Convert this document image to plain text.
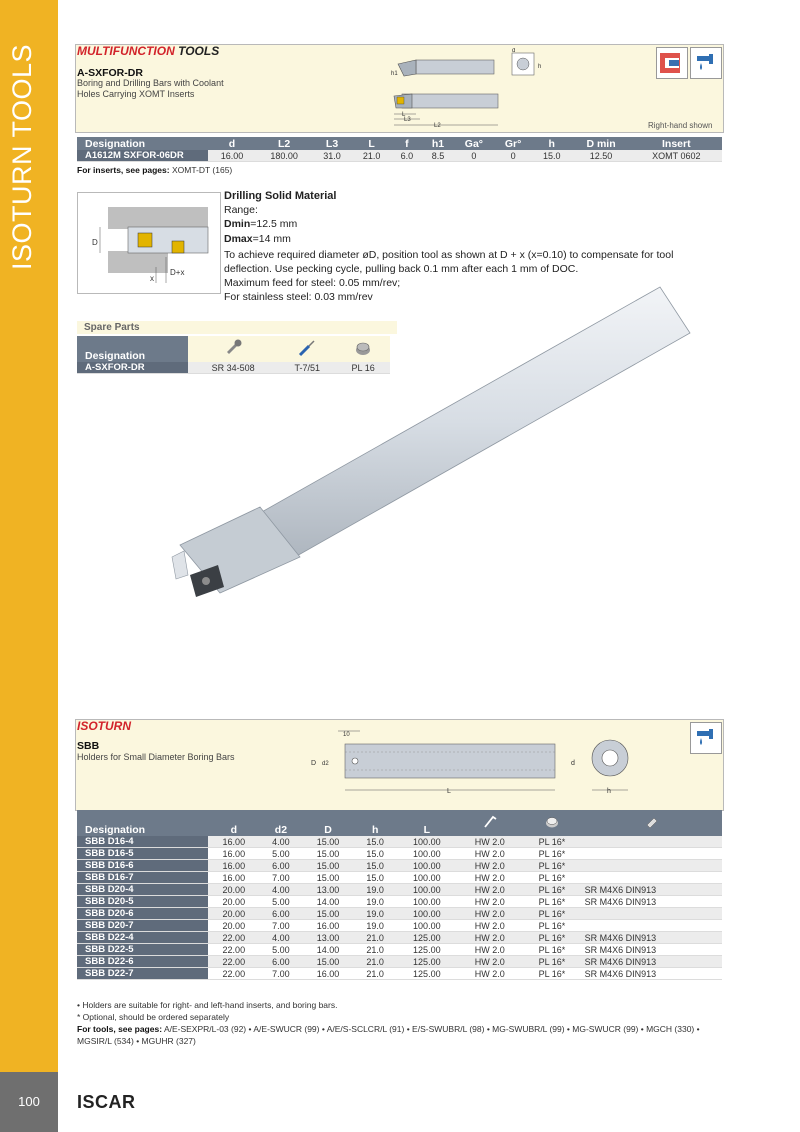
ISOTURN TOOLS
100	ISCAR
MULTIFUNCTION TOOLS
A-SXFOR-DR
Boring and Drilling Bars with Coolant
Holes Carrying XOMT Inserts
Right-hand shown
h1
L
L3
L2
d
h
Designation	d	L2	L3	L	f	h1	Ga°	Gr°	h	D min	Insert
A1612M SXFOR-06DR	16.00	180.00	31.0	21.0	6.0	8.5	0	0	15.0	12.50	XOMT 0602
For inserts, see pages: XOMT-DT (165)
D
x
D+x
Drilling Solid Material
Range:
Dmin=12.5 mm
Dmax=14 mm
To achieve required diameter øD, position tool as shown at D + x (x=0.10) to compensate for tool deflection. Use pecking cycle, pulling back 0.1 mm after each 1 mm of DOC.
Maximum feed for steel: 0.05 mm/rev;
For stainless steel: 0.03 mm/rev
Spare Parts
Designation			
A-SXFOR-DR	SR 34-508	T-7/51	PL 16
ISOTURN
SBB
Holders for Small Diameter Boring Bars
10
D d2	d
L	h
Designation	d	d2	D	h	L			
SBB D16-4	16.00	4.00	15.00	15.0	100.00	HW 2.0	PL 16*	
SBB D16-5	16.00	5.00	15.00	15.0	100.00	HW 2.0	PL 16*	
SBB D16-6	16.00	6.00	15.00	15.0	100.00	HW 2.0	PL 16*	
SBB D16-7	16.00	7.00	15.00	15.0	100.00	HW 2.0	PL 16*	
SBB D20-4	20.00	4.00	13.00	19.0	100.00	HW 2.0	PL 16*	SR M4X6 DIN913
SBB D20-5	20.00	5.00	14.00	19.0	100.00	HW 2.0	PL 16*	SR M4X6 DIN913
SBB D20-6	20.00	6.00	15.00	19.0	100.00	HW 2.0	PL 16*	
SBB D20-7	20.00	7.00	16.00	19.0	100.00	HW 2.0	PL 16*	
SBB D22-4	22.00	4.00	13.00	21.0	125.00	HW 2.0	PL 16*	SR M4X6 DIN913
SBB D22-5	22.00	5.00	14.00	21.0	125.00	HW 2.0	PL 16*	SR M4X6 DIN913
SBB D22-6	22.00	6.00	15.00	21.0	125.00	HW 2.0	PL 16*	SR M4X6 DIN913
SBB D22-7	22.00	7.00	16.00	21.0	125.00	HW 2.0	PL 16*	SR M4X6 DIN913
• Holders are suitable for right- and left-hand inserts, and boring bars.
* Optional, should be ordered separately
For tools, see pages: A/E-SEXPR/L-03 (92) • A/E-SWUCR (99) • A/E/S-SCLCR/L (91) • E/S-SWUBR/L (98) • MG-SWUBR/L (99) • MG-SWUCR (99) • MGCH (330) • MGSIR/L (534) • MGUHR (327)
